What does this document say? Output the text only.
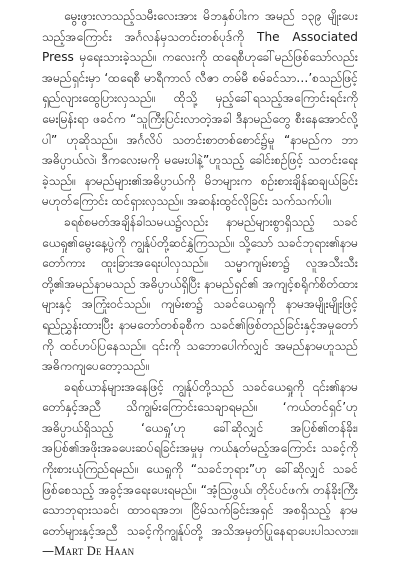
မွေးဖွားလာသည့်သမီးလေးအား မိဘနှစ်ပါးက အမည် ၁၃၉ မျိုးပေးသည့်အကြောင်း အင်္ဂလန်မှသတင်းတစ်ပုဒ်ကို The Associated Press မှရေးသားခဲ့သည်။ ကလေးကို ထရေစီဟုခေါ်မည်ဖြစ်သော်လည်း အမည်ရှင်းမှာ ‘ထရေစီ မာရီကာလ် လီဇာ တမ်မီ စမ်ခင်သာ…’စသည်ဖြင့် ရှည်လျားထွေပြားလှသည်။ ထိုသို့ မှည့်ခေါ်ရသည့်အကြောင်းရင်းကို မေးမြန်းရာ ဖခင်က “သူကြီးပြင်းလာတဲ့အခါ ဒီနာမည်တွေ စီးနေအောင်လို့ပါ” ဟုဆိုသည်။ အင်္ဂလိပ် သတင်းစာတစ်စောင်၌မူ “နာမည်က ဘာအဓိပ္ပာယ်လဲ၊ ဒီကလေးမကို မမေးပါနဲ့”ဟူသည့် ခေါင်းစဉ်ဖြင့် သတင်းရေးခဲ့သည်။ နာမည်များ၏အဓိပ္ပာယ်ကို မိဘများက စဉ်းစားချိန်ဆချယ်ခြင်း မဟုတ်ကြောင်း ထင်ရှားလှသည်။ အဆန်းထွင်လိုခြင်း သက်သက်ပါ။

ခရစ်စမတ်အချိန်ခါသမယ၌လည်း နာမည်များစွာရှိသည့် သခင်ယေရှု၏မွေးနေ့ပွဲကို ကျွန်ုပ်တို့ဆင်နွှဲကြသည်။ သို့သော် သခင်ဘုရား၏နာမတော်ကား ထူးခြားအရေးပါလှသည်။ သမ္မာကျမ်းစာ၌ လူအသီးသီးတို့၏အမည်နာမသည် အဓိပ္ပာယ်ရှိပြီး နာမည်ရှင်၏ အကျင့်စရိုက်စိတ်ထားများနှင့် အကြုံးဝင်သည်။ ကျမ်းစာ၌ သခင်ယေရှုကို နာမအမျိုးမျိုးဖြင့် ရည်ညွှန်းထားပြီး နာမတော်တစ်ခုစီက သခင်၏ဖြစ်တည်ခြင်းနှင့်အမှုတော်ကို ထင်ဟပ်ပြနေသည်။ ၎င်းကို သဘောပေါက်လျှင် အမည်နာမဟူသည် အဓိကကျပေတော့သည်။

ခရစ်ယာန်များအနေဖြင့် ကျွန်ုပ်တို့သည် သခင်ယေရှုကို ၎င်း၏နာမတော်နှင့်အညီ သိကျွမ်းကြောင်းသေချာရမည်။ ‘ကယ်တင်ရှင်’ဟု အဓိပ္ပာယ်ရှိသည့် ‘ယေရှု’ဟု ခေါ်ဆိုလျှင် အပြစ်၏တန်ခိုး၊ အပြစ်၏အဖိုးအခပေးဆပ်ရခြင်းအမှုမှ ကယ်နုတ်မည့်အကြောင်း သခင့်ကို ကိုးစားယုံကြည်ရမည်။ ယေရှုကို “သခင်ဘုရား”ဟု ခေါ်ဆိုလျှင် သခင်ဖြစ်စေသည့် အခွင့်အရေးပေးရမည်။ “အံ့ဩဖွယ်၊ တိုင်ပင်ဖက်၊ တန်ခိုးကြီးသောဘုရားသခင်၊ ထာဝရအဘ၊ ငြိမ်သက်ခြင်းအရှင် အစရှိသည့် နာမတော်များနှင့်အညီ သခင့်ကိုကျွန်ုပ်တို့ အသိအမှတ်ပြုနေရာပေးပါသလား။—Mart De Haan
